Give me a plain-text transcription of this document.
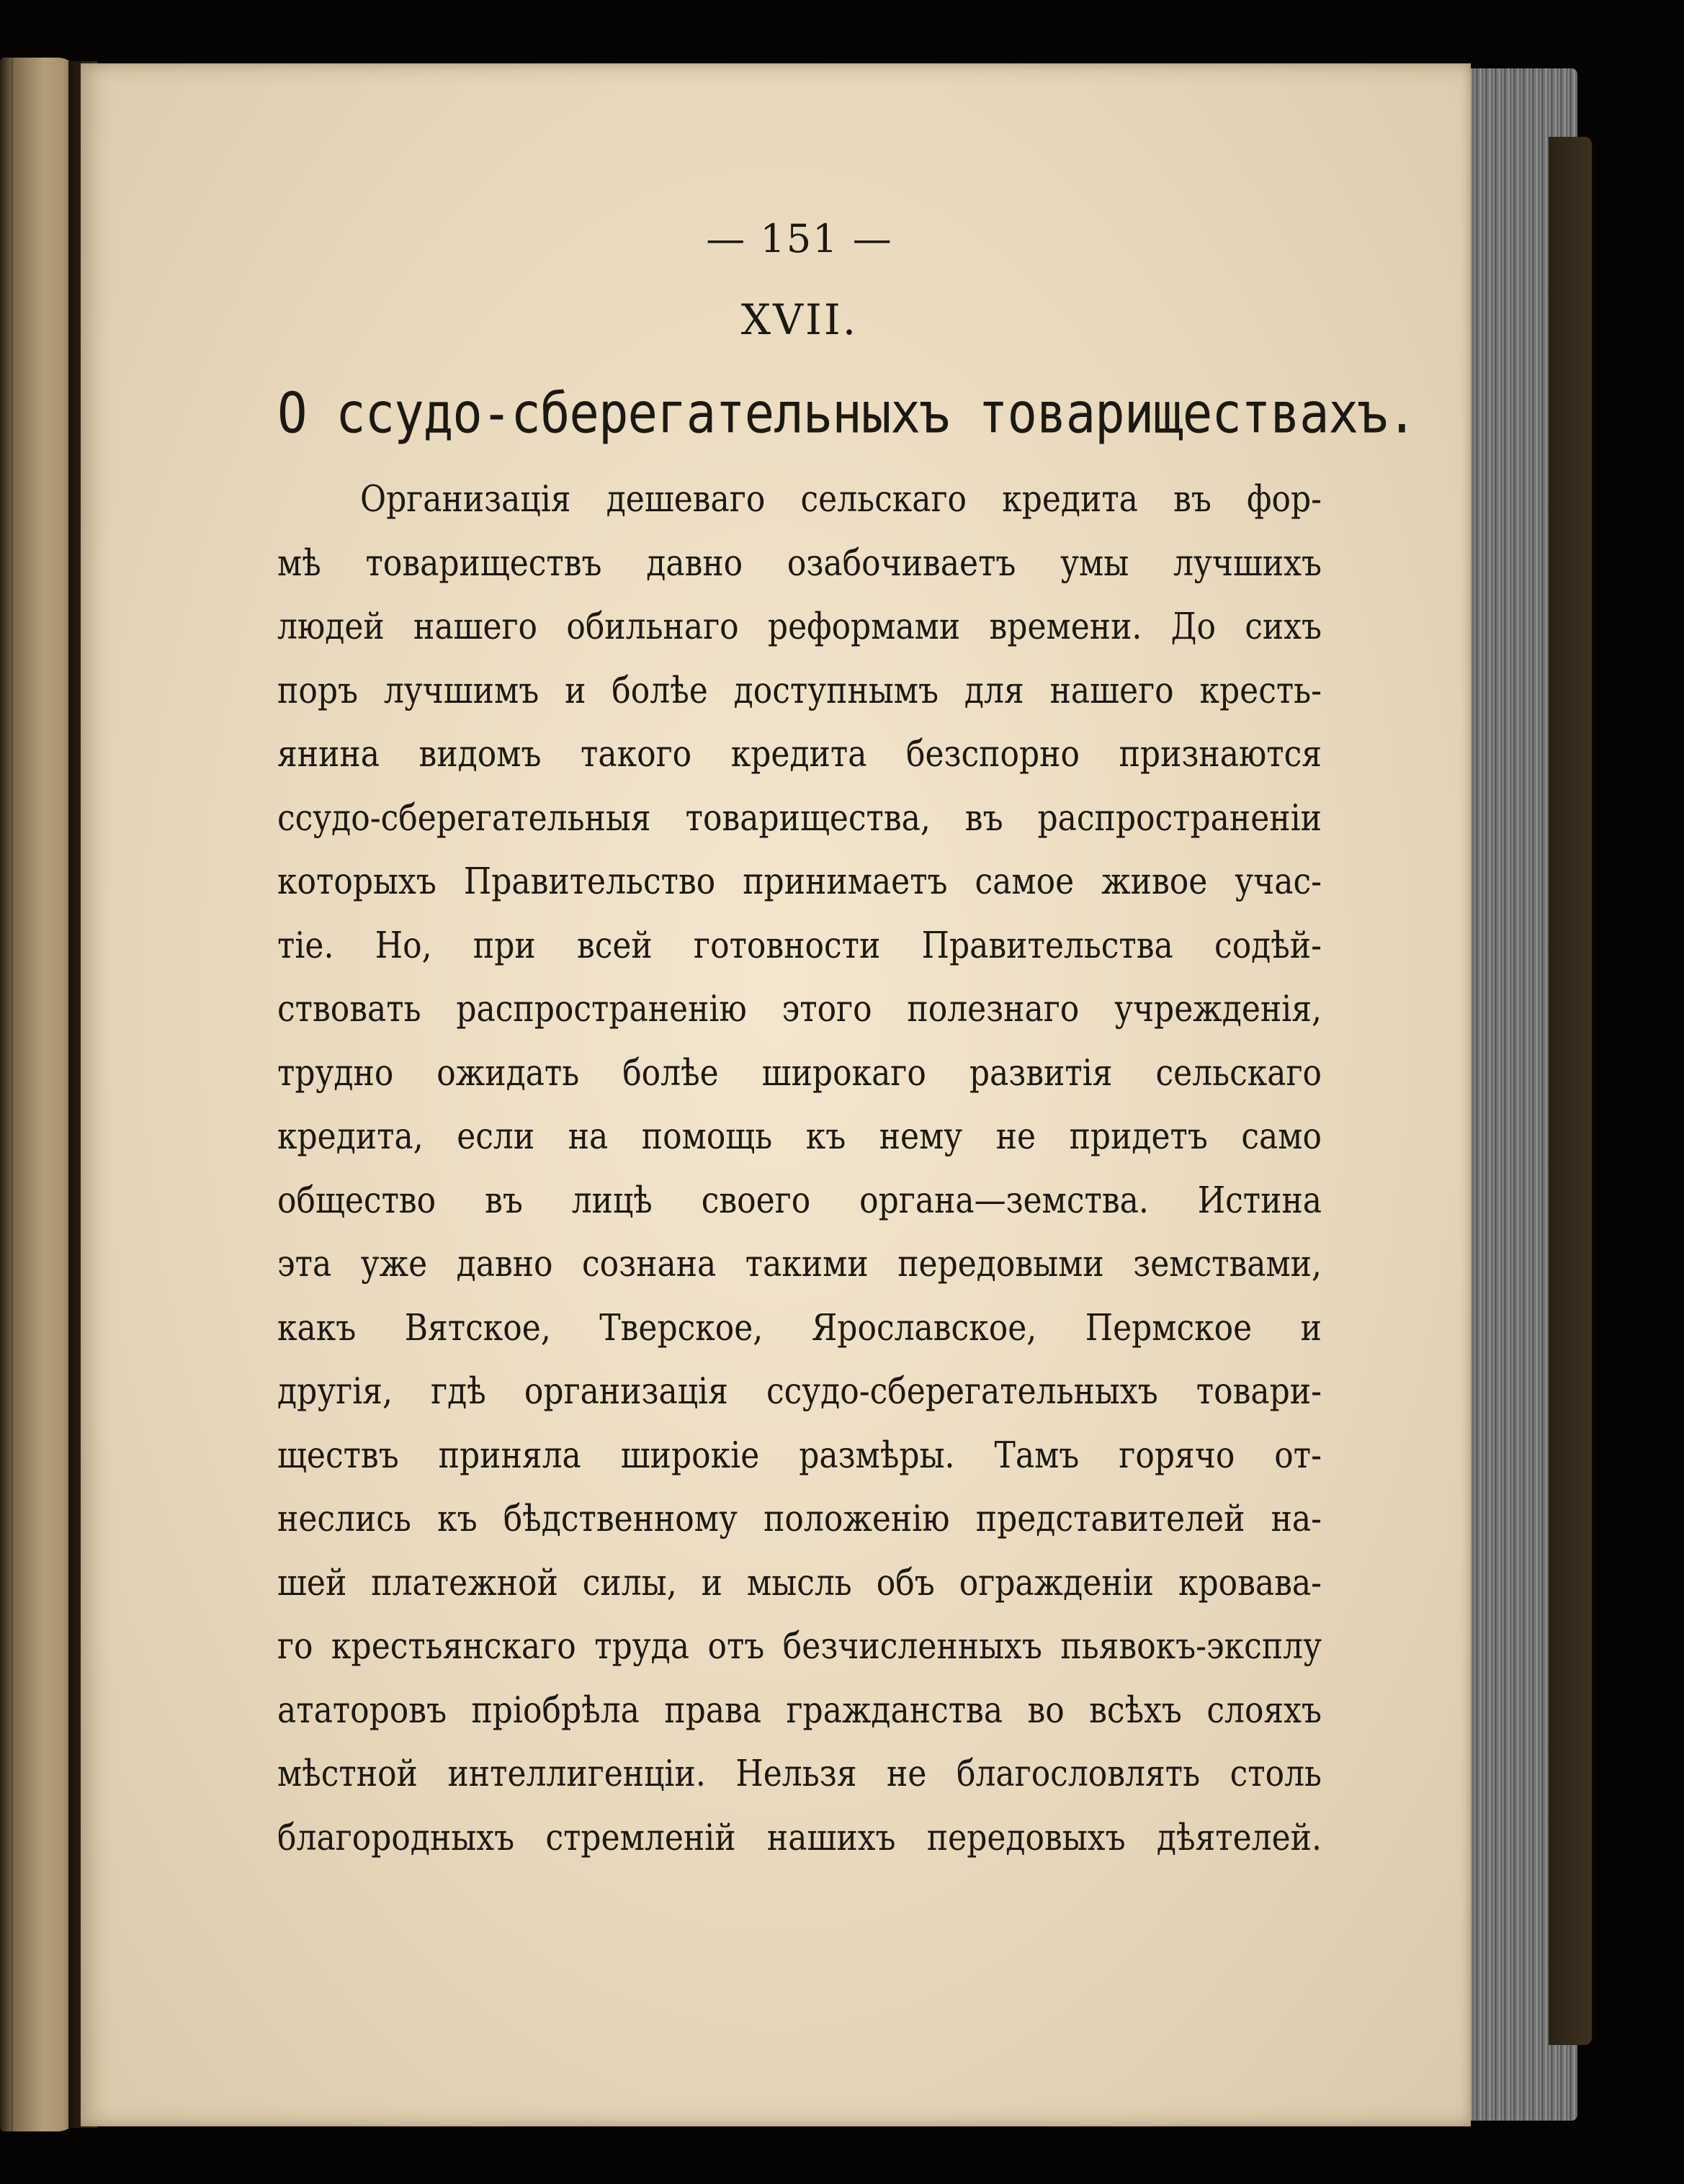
— 151 —
XVII.
О ссудо-сберегательныхъ товариществахъ.
Организація дешеваго сельскаго кредита въ фор-
мѣ товариществъ давно озабочиваетъ умы лучшихъ
людей нашего обильнаго реформами времени. До сихъ
поръ лучшимъ и болѣе доступнымъ для нашего кресть-
янина видомъ такого кредита безспорно признаются
ссудо-сберегательныя товарищества, въ распространеніи
которыхъ Правительство принимаетъ самое живое учас-
тіе. Но, при всей готовности Правительства содѣй-
ствовать распространенію этого полезнаго учрежденія,
трудно ожидать болѣе широкаго развитія сельскаго
кредита, если на помощь къ нему не придетъ само
общество въ лицѣ своего органа—земства. Истина
эта уже давно сознана такими передовыми земствами,
какъ Вятское, Тверское, Ярославское, Пермское и
другія, гдѣ организація ссудо-сберегательныхъ товари-
ществъ приняла широкіе размѣры. Тамъ горячо от-
неслись къ бѣдственному положенію представителей на-
шей платежной силы, и мысль объ огражденіи кровава-
го крестьянскаго труда отъ безчисленныхъ пьявокъ-эксплу
ататоровъ пріобрѣла права гражданства во всѣхъ слояхъ
мѣстной интеллигенціи. Нельзя не благословлять столь
благородныхъ стремленій нашихъ передовыхъ дѣятелей.
